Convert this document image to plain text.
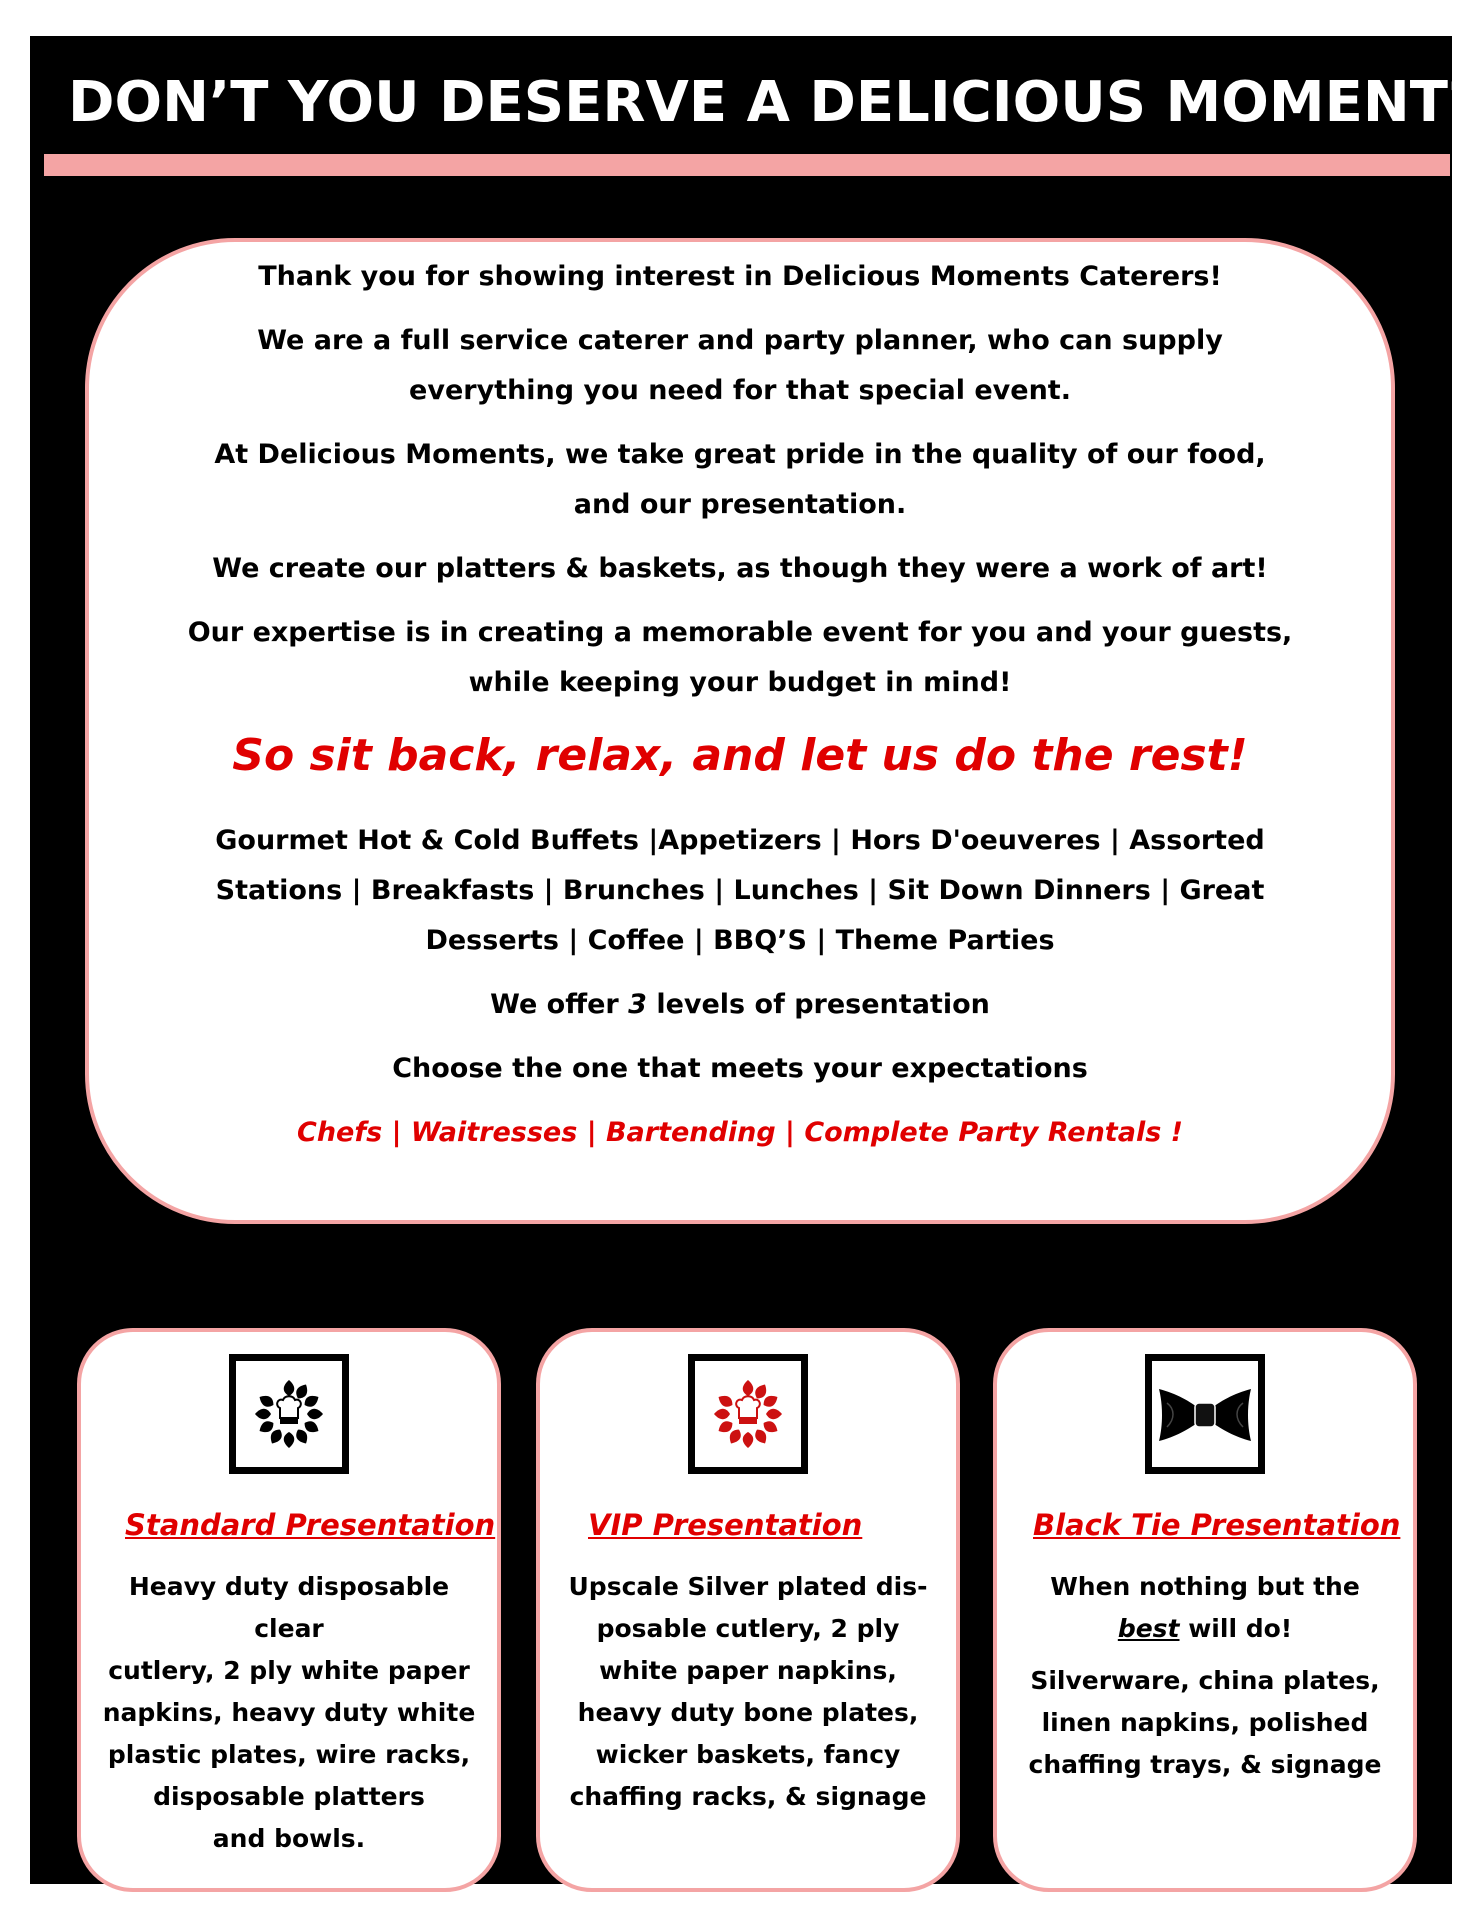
DON’T YOU DESERVE A DELICIOUS MOMENT?

Thank you for showing interest in Delicious Moments Caterers!

We are a full service caterer and party planner, who can supply

everything you need for that special event.

At Delicious Moments, we take great pride in the quality of our food,

and our presentation.

We create our platters & baskets, as though they were a work of art!

Our expertise is in creating a memorable event for you and your guests,

while keeping your budget in mind!

So sit back, relax, and let us do the rest!

Gourmet Hot & Cold Buffets |Appetizers | Hors D'oeuveres | Assorted

Stations | Breakfasts | Brunches | Lunches | Sit Down Dinners | Great

Desserts | Coffee | BBQ’S | Theme Parties

We offer 3 levels of presentation

Choose the one that meets your expectations

Chefs | Waitresses | Bartending | Complete Party Rentals !

Standard Presentation

Heavy duty disposable clear
cutlery, 2 ply white paper
napkins, heavy duty white
plastic plates, wire racks,
disposable platters
and bowls.

VIP Presentation

Upscale Silver plated dis-
posable cutlery, 2 ply
white paper napkins,
heavy duty bone plates,
wicker baskets, fancy
chaffing racks, & signage

Black Tie Presentation

When nothing but the
best will do!
Silverware, china plates,
linen napkins, polished
chaffing trays, & signage
